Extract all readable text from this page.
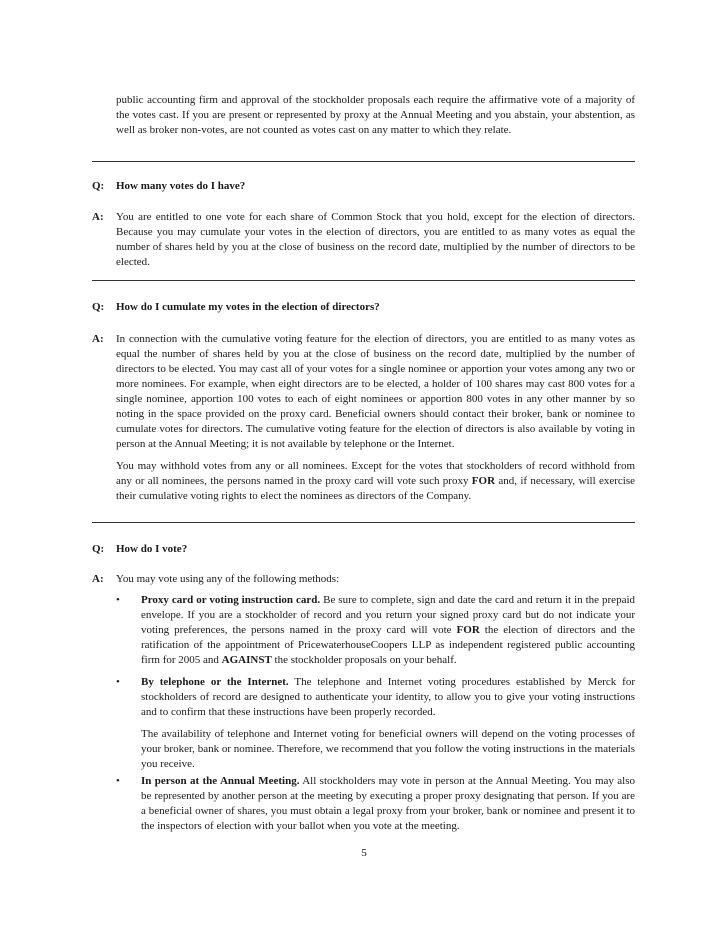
public accounting firm and approval of the stockholder proposals each require the affirmative vote of a majority of the votes cast. If you are present or represented by proxy at the Annual Meeting and you abstain, your abstention, as well as broker non-votes, are not counted as votes cast on any matter to which they relate.

Q: How many votes do I have?
A: You are entitled to one vote for each share of Common Stock that you hold, except for the election of directors. Because you may cumulate your votes in the election of directors, you are entitled to as many votes as equal the number of shares held by you at the close of business on the record date, multiplied by the number of directors to be elected.

Q: How do I cumulate my votes in the election of directors?
A: In connection with the cumulative voting feature for the election of directors, you are entitled to as many votes as equal the number of shares held by you at the close of business on the record date, multiplied by the number of directors to be elected. You may cast all of your votes for a single nominee or apportion your votes among any two or more nominees. For example, when eight directors are to be elected, a holder of 100 shares may cast 800 votes for a single nominee, apportion 100 votes to each of eight nominees or apportion 800 votes in any other manner by so noting in the space provided on the proxy card. Beneficial owners should contact their broker, bank or nominee to cumulate votes for directors. The cumulative voting feature for the election of directors is also available by voting in person at the Annual Meeting; it is not available by telephone or the Internet.

You may withhold votes from any or all nominees. Except for the votes that stockholders of record withhold from any or all nominees, the persons named in the proxy card will vote such proxy FOR and, if necessary, will exercise their cumulative voting rights to elect the nominees as directors of the Company.

Q: How do I vote?
A: You may vote using any of the following methods:

• Proxy card or voting instruction card. Be sure to complete, sign and date the card and return it in the prepaid envelope. If you are a stockholder of record and you return your signed proxy card but do not indicate your voting preferences, the persons named in the proxy card will vote FOR the election of directors and the ratification of the appointment of PricewaterhouseCoopers LLP as independent registered public accounting firm for 2005 and AGAINST the stockholder proposals on your behalf.

• By telephone or the Internet. The telephone and Internet voting procedures established by Merck for stockholders of record are designed to authenticate your identity, to allow you to give your voting instructions and to confirm that these instructions have been properly recorded.

The availability of telephone and Internet voting for beneficial owners will depend on the voting processes of your broker, bank or nominee. Therefore, we recommend that you follow the voting instructions in the materials you receive.

• In person at the Annual Meeting. All stockholders may vote in person at the Annual Meeting. You may also be represented by another person at the meeting by executing a proper proxy designating that person. If you are a beneficial owner of shares, you must obtain a legal proxy from your broker, bank or nominee and present it to the inspectors of election with your ballot when you vote at the meeting.

5
